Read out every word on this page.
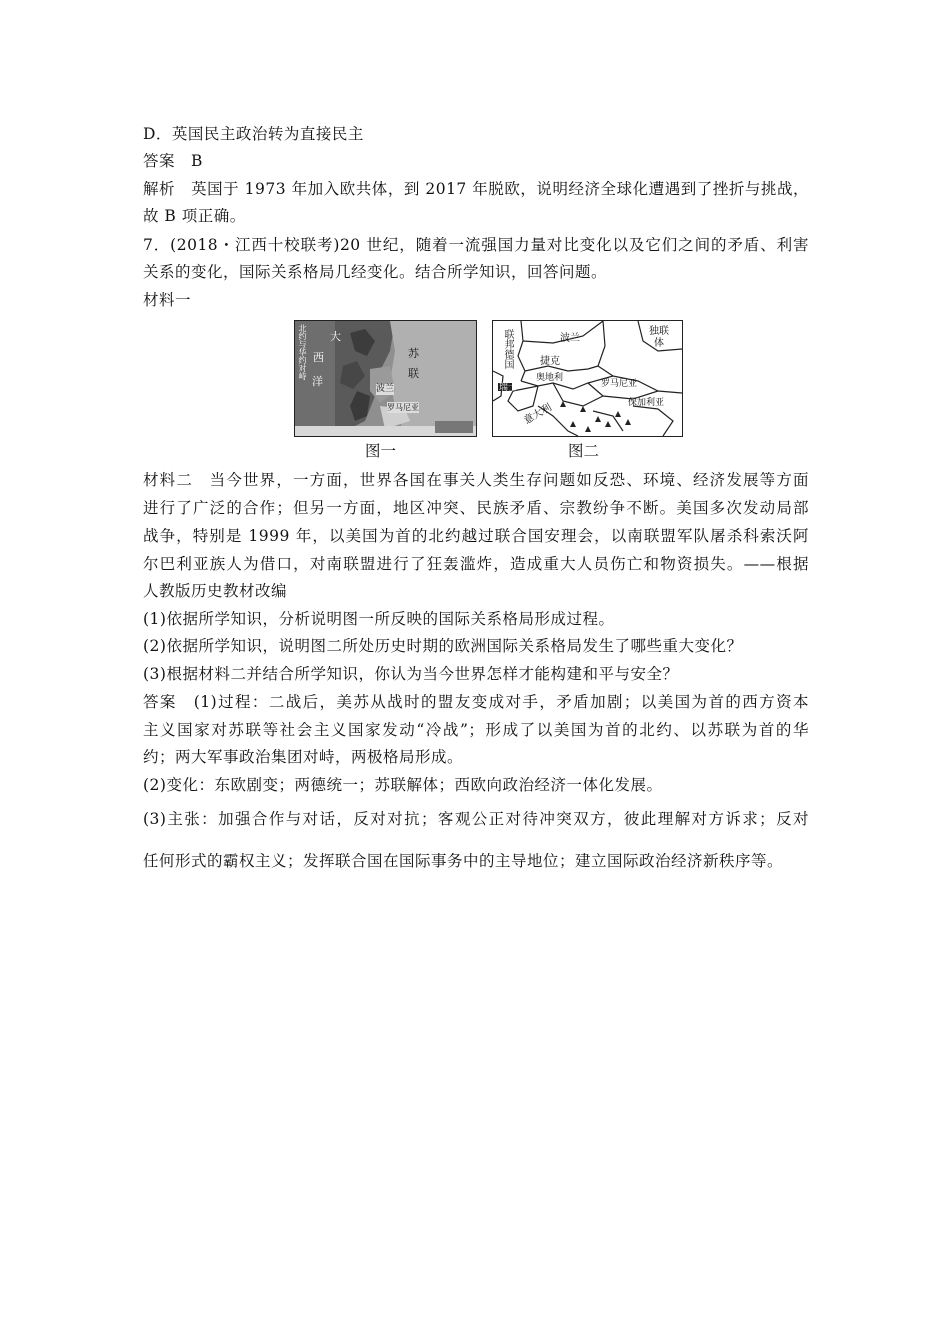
D．英国民主政治转为直接民主
答案　B
解析　英国于 1973 年加入欧共体，到 2017 年脱欧，说明经济全球化遭遇到了挫折与挑战，
故 B 项正确。
7．(2018・江西十校联考)20 世纪，随着一流强国力量对比变化以及它们之间的矛盾、利害
关系的变化，国际关系格局几经变化。结合所学知识，回答问题。
材料一
北约与华约对峙 大
西
洋
苏
联
波兰
罗马尼亚
联邦德国	波兰
独联体
捷克
奥地利
瑞士	罗马尼亚
保加利亚
意大利
图一	图二
材料二　当今世界，一方面，世界各国在事关人类生存问题如反恐、环境、经济发展等方面
进行了广泛的合作；但另一方面，地区冲突、民族矛盾、宗教纷争不断。美国多次发动局部
战争，特别是 1999 年，以美国为首的北约越过联合国安理会，以南联盟军队屠杀科索沃阿
尔巴利亚族人为借口，对南联盟进行了狂轰滥炸，造成重大人员伤亡和物资损失。——根据
人教版历史教材改编
(1)依据所学知识，分析说明图一所反映的国际关系格局形成过程。
(2)依据所学知识，说明图二所处历史时期的欧洲国际关系格局发生了哪些重大变化？
(3)根据材料二并结合所学知识，你认为当今世界怎样才能构建和平与安全？
答案　(1)过程：二战后，美苏从战时的盟友变成对手，矛盾加剧；以美国为首的西方资本
主义国家对苏联等社会主义国家发动“冷战”；形成了以美国为首的北约、以苏联为首的华
约；两大军事政治集团对峙，两极格局形成。
(2)变化：东欧剧变；两德统一；苏联解体；西欧向政治经济一体化发展。
(3)主张：加强合作与对话，反对对抗；客观公正对待冲突双方，彼此理解对方诉求；反对
任何形式的霸权主义；发挥联合国在国际事务中的主导地位；建立国际政治经济新秩序等。
